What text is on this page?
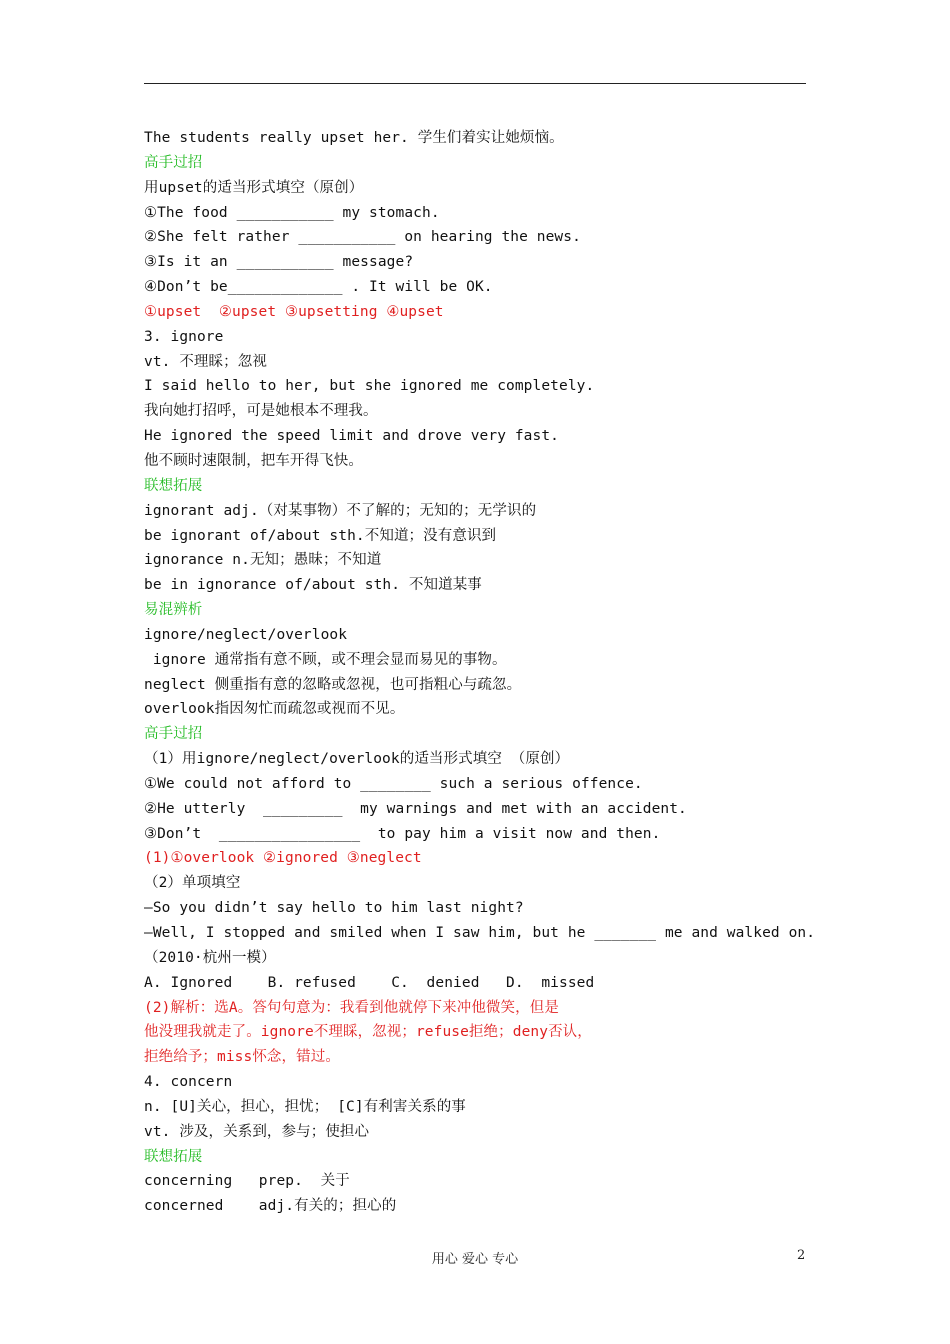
The students really upset her. 学生们着实让她烦恼。
高手过招
用upset的适当形式填空（原创）
①The food ___________ my stomach.
②She felt rather ___________ on hearing the news.
③Is it an ___________ message?
④Don’t be_____________ . It will be OK.
①upset  ②upset ③upsetting ④upset
3. ignore
vt. 不理睬；忽视
I said hello to her, but she ignored me completely.
我向她打招呼，可是她根本不理我。
He ignored the speed limit and drove very fast.
他不顾时速限制，把车开得飞快。
联想拓展
ignorant adj.（对某事物）不了解的；无知的；无学识的
be ignorant of/about sth.不知道；没有意识到
ignorance n.无知；愚昧；不知道
be in ignorance of/about sth. 不知道某事
易混辨析
ignore/neglect/overlook
ignore 通常指有意不顾，或不理会显而易见的事物。
neglect 侧重指有意的忽略或忽视，也可指粗心与疏忽。
overlook指因匆忙而疏忽或视而不见。
高手过招
（1）用ignore/neglect/overlook的适当形式填空 （原创）
①We could not afford to ________ such a serious offence.
②He utterly  _________  my warnings and met with an accident.
③Don’t  ________________  to pay him a visit now and then.
(1)①overlook ②ignored ③neglect
（2）单项填空
—So you didn’t say hello to him last night?
—Well, I stopped and smiled when I saw him, but he _______ me and walked on.
（2010·杭州一模）
A. Ignored    B. refused    C.  denied   D.  missed
(2)解析：选A。答句句意为：我看到他就停下来冲他微笑，但是
他没理我就走了。ignore不理睬，忽视；refuse拒绝；deny否认，
拒绝给予；miss怀念，错过。
4. concern
n. [U]关心，担心，担忧； [C]有利害关系的事
vt. 涉及，关系到，参与；使担心
联想拓展
concerning   prep.  关于
concerned    adj.有关的；担心的
用心 爱心 专心	2
